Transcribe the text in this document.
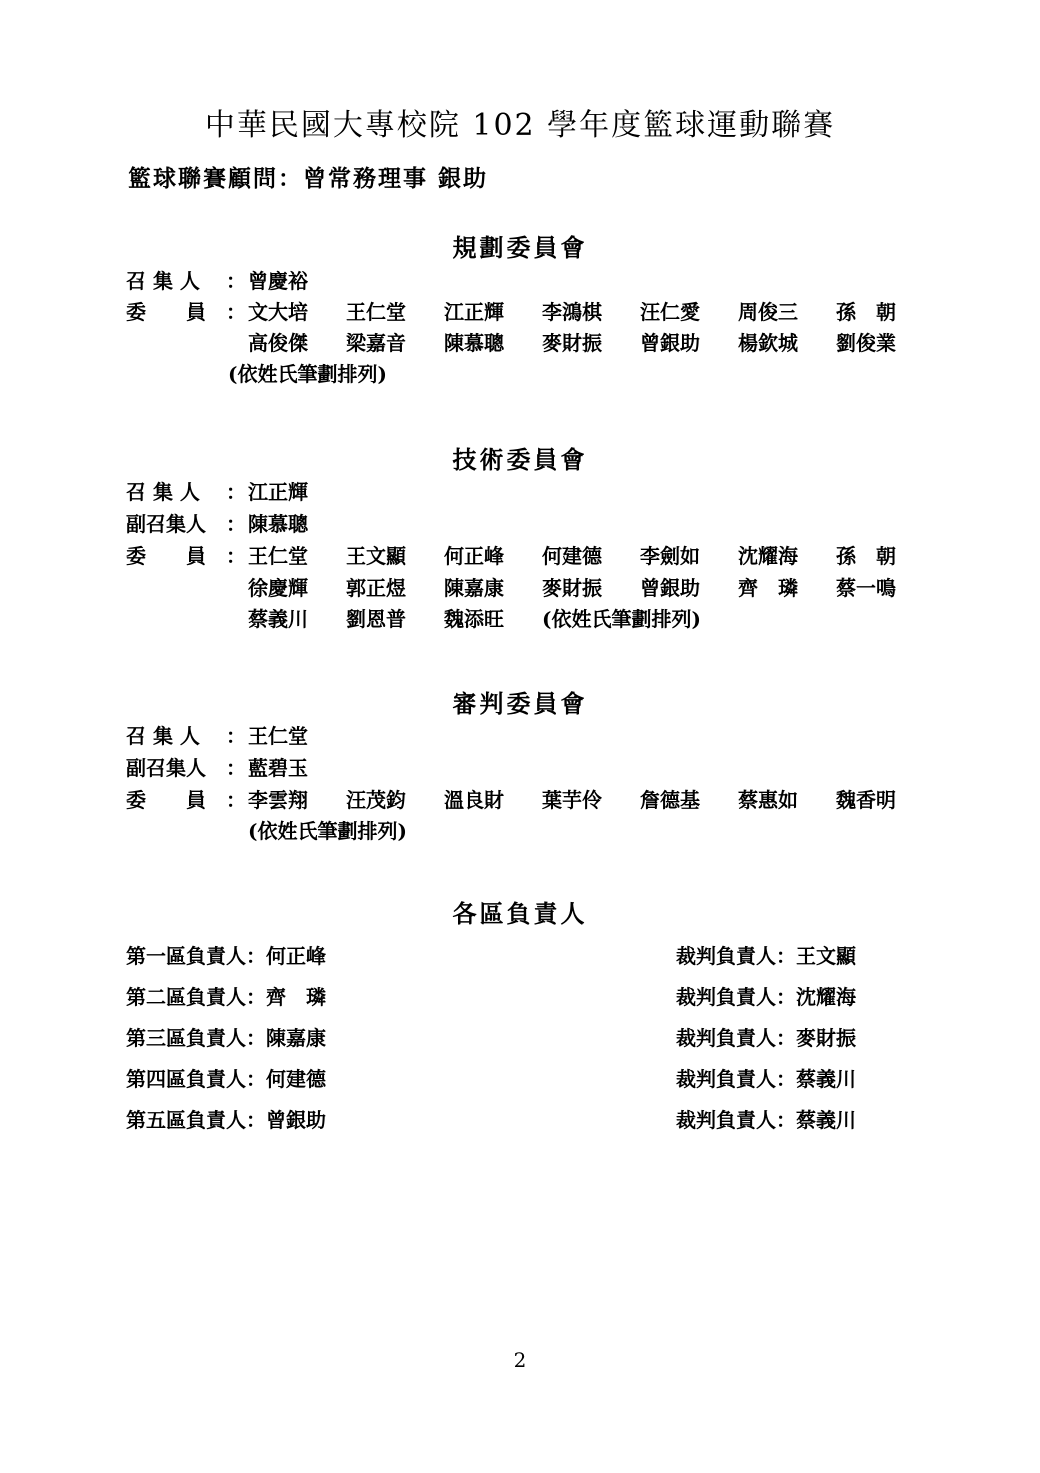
中華民國大專校院 102 學年度籃球運動聯賽
籃球聯賽顧問：曾常務理事 銀助
規劃委員會
召 集 人 ： 曾慶裕
委　　員 ： 文大培 王仁堂 江正輝 李鴻棋 汪仁愛 周俊三 孫　朝
高俊傑 梁嘉音 陳慕聰 麥財振 曾銀助 楊欽城 劉俊業
(依姓氏筆劃排列)
技術委員會
召 集 人 ： 江正輝
副召集人 ： 陳慕聰
委　　員 ： 王仁堂 王文顯 何正峰 何建德 李劍如 沈耀海 孫　朝
徐慶輝 郭正煜 陳嘉康 麥財振 曾銀助 齊　璘 蔡一鳴
蔡義川 劉恩普 魏添旺 (依姓氏筆劃排列)
審判委員會
召 集 人 ： 王仁堂
副召集人 ： 藍碧玉
委　　員 ： 李雲翔 汪茂鈞 溫良財 葉芋伶 詹德基 蔡惠如 魏香明
(依姓氏筆劃排列)
各區負責人
第一區負責人：何正峰	裁判負責人：王文顯
第二區負責人：齊　璘	裁判負責人：沈耀海
第三區負責人：陳嘉康	裁判負責人：麥財振
第四區負責人：何建德	裁判負責人：蔡義川
第五區負責人：曾銀助	裁判負責人：蔡義川
2
